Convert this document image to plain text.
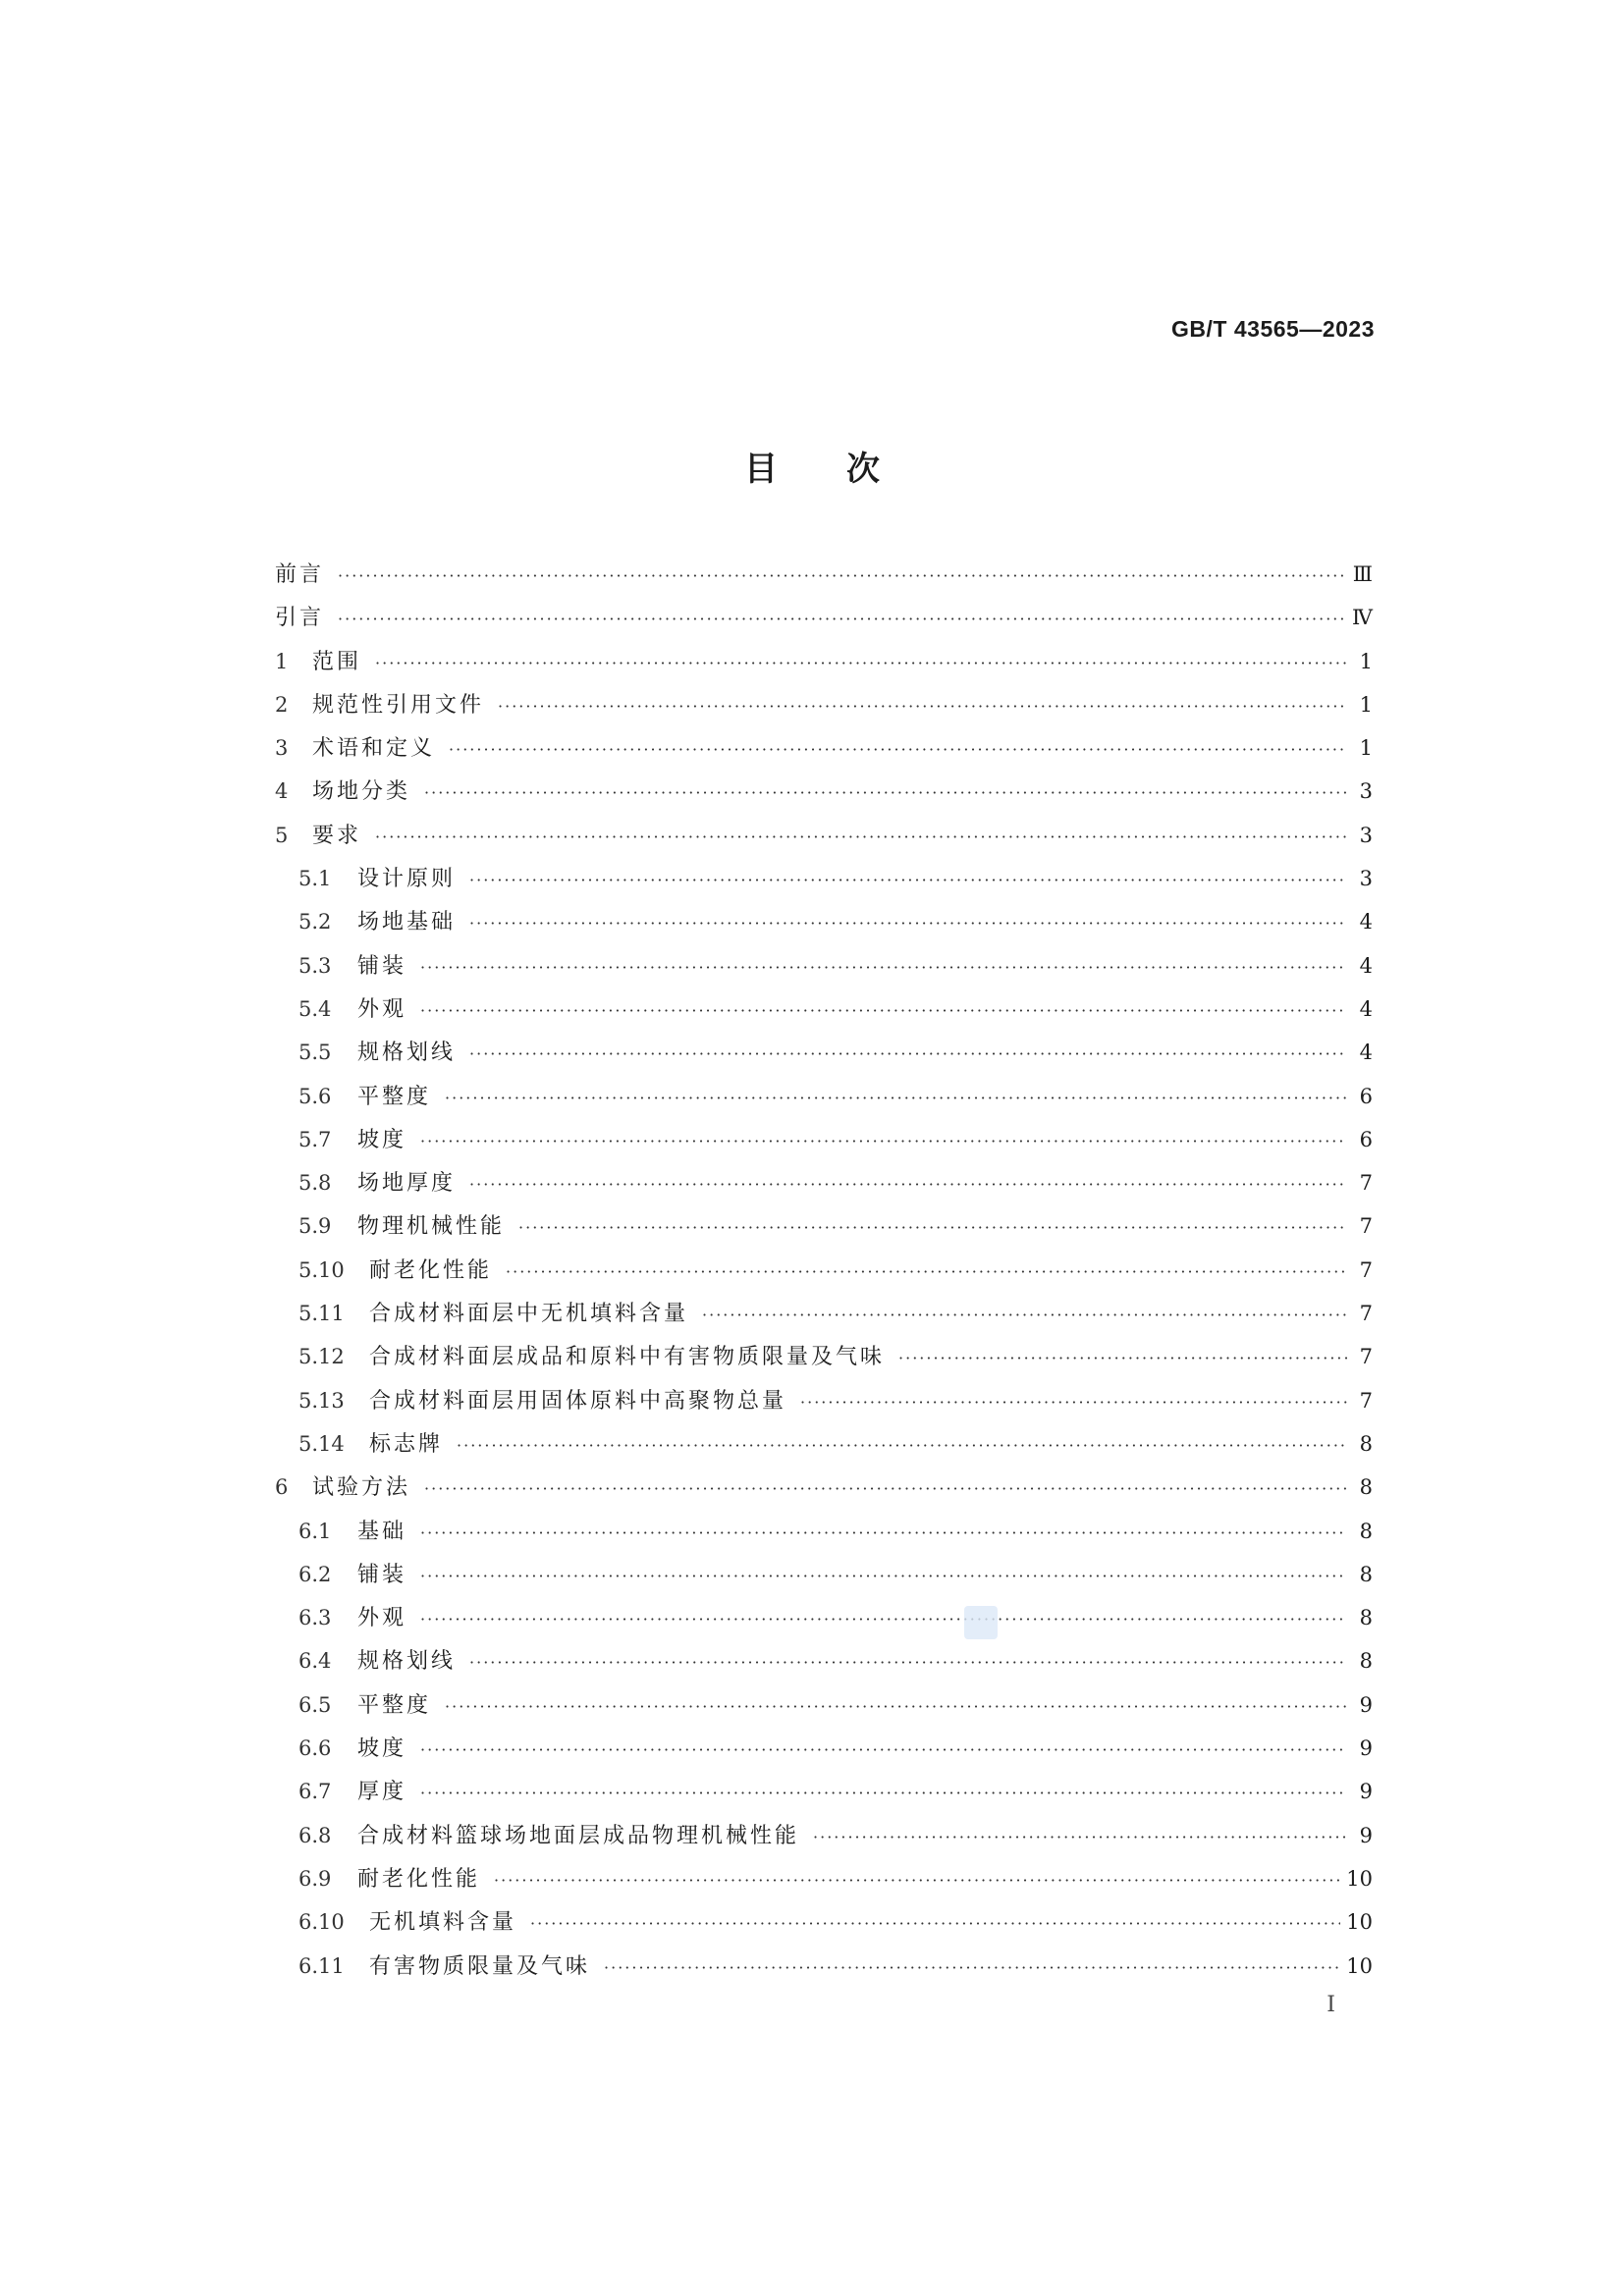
GB/T 43565—2023
目次
前言 ·····	Ⅲ
引言 ·····	Ⅳ
1	范围 ·····	1
2	规范性引用文件 ·····	1
3	术语和定义 ·····	1
4	场地分类 ·····	3
5	要求 ·····	3
5.1	设计原则 ·····	3
5.2	场地基础 ·····	4
5.3	铺装 ·····	4
5.4	外观 ·····	4
5.5	规格划线 ·····	4
5.6	平整度 ·····	6
5.7	坡度 ·····	6
5.8	场地厚度 ·····	7
5.9	物理机械性能 ·····	7
5.10	耐老化性能 ·····	7
5.11	合成材料面层中无机填料含量 ·····	7
5.12	合成材料面层成品和原料中有害物质限量及气味 ·····	7
5.13	合成材料面层用固体原料中高聚物总量 ·····	7
5.14	标志牌 ·····	8
6	试验方法 ·····	8
6.1	基础 ·····	8
6.2	铺装 ·····	8
6.3	外观 ·····	8
6.4	规格划线 ·····	8
6.5	平整度 ·····	9
6.6	坡度 ·····	9
6.7	厚度 ·····	9
6.8	合成材料篮球场地面层成品物理机械性能 ·····	9
6.9	耐老化性能 ·····	10
6.10	无机填料含量 ·····	10
6.11	有害物质限量及气味 ·····	10
Ⅰ
